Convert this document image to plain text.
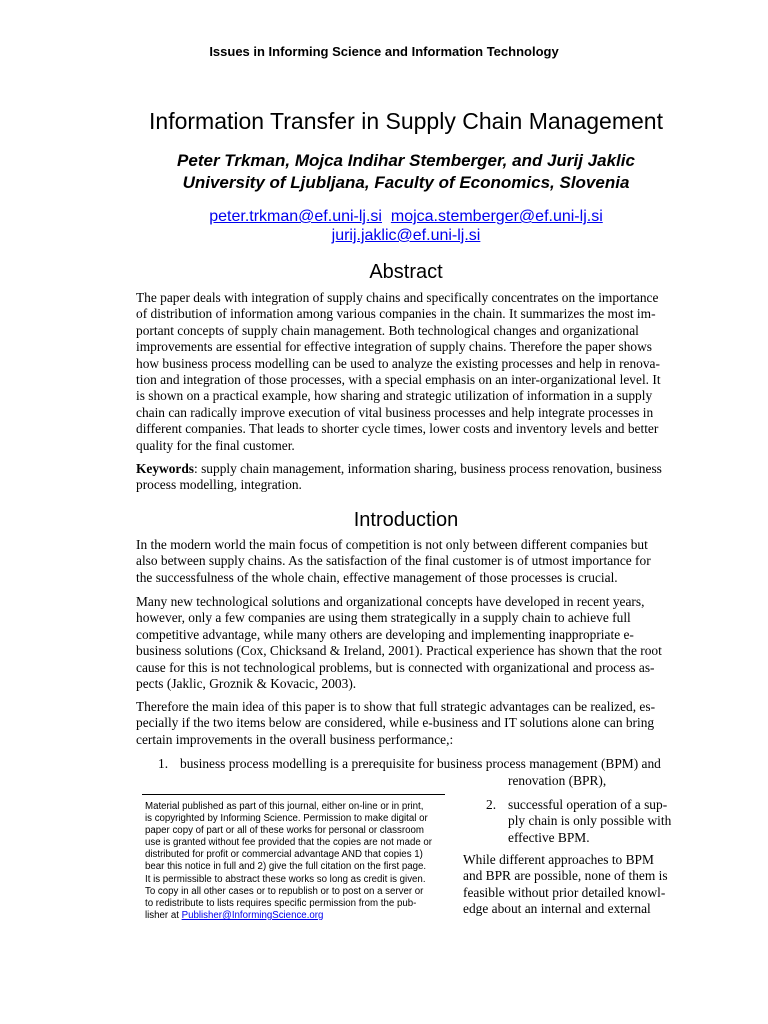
Issues in Informing Science and Information Technology
Information Transfer in Supply Chain Management
Peter Trkman, Mojca Indihar Stemberger, and Jurij Jaklic
University of Ljubljana, Faculty of Economics, Slovenia
peter.trkman@ef.uni-lj.si mojca.stemberger@ef.uni-lj.si
jurij.jaklic@ef.uni-lj.si
Abstract
The paper deals with integration of supply chains and specifically concentrates on the importance
of distribution of information among various companies in the chain. It summarizes the most im-
portant concepts of supply chain management. Both technological changes and organizational
improvements are essential for effective integration of supply chains. Therefore the paper shows
how business process modelling can be used to analyze the existing processes and help in renova-
tion and integration of those processes, with a special emphasis on an inter-organizational level. It
is shown on a practical example, how sharing and strategic utilization of information in a supply
chain can radically improve execution of vital business processes and help integrate processes in
different companies. That leads to shorter cycle times, lower costs and inventory levels and better
quality for the final customer.
Keywords: supply chain management, information sharing, business process renovation, business
process modelling, integration.
Introduction
In the modern world the main focus of competition is not only between different companies but
also between supply chains. As the satisfaction of the final customer is of utmost importance for
the successfulness of the whole chain, effective management of those processes is crucial.
Many new technological solutions and organizational concepts have developed in recent years,
however, only a few companies are using them strategically in a supply chain to achieve full
competitive advantage, while many others are developing and implementing inappropriate e-
business solutions (Cox, Chicksand & Ireland, 2001). Practical experience has shown that the root
cause for this is not technological problems, but is connected with organizational and process as-
pects (Jaklic, Groznik & Kovacic, 2003).
Therefore the main idea of this paper is to show that full strategic advantages can be realized, es-
pecially if the two items below are considered, while e-business and IT solutions alone can bring
certain improvements in the overall business performance,:
1. business process modelling is a prerequisite for business process management (BPM) and
renovation (BPR),
Material published as part of this journal, either on-line or in print,
is copyrighted by Informing Science. Permission to make digital or
paper copy of part or all of these works for personal or classroom
use is granted without fee provided that the copies are not made or
distributed for profit or commercial advantage AND that copies 1)
bear this notice in full and 2) give the full citation on the first page.
It is permissible to abstract these works so long as credit is given.
To copy in all other cases or to republish or to post on a server or
to redistribute to lists requires specific permission from the pub-
lisher at Publisher@InformingScience.org
2. successful operation of a sup-
ply chain is only possible with
effective BPM.
While different approaches to BPM
and BPR are possible, none of them is
feasible without prior detailed knowl-
edge about an internal and external
